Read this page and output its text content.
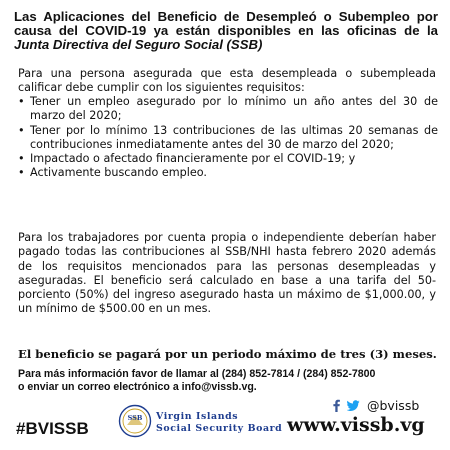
Las Aplicaciones del Beneficio de Desempleó o Subempleo por causa del COVID-19 ya están disponibles en las oficinas de la Junta Directiva del Seguro Social (SSB)

Para una persona asegurada que esta desempleada o subempleada calificar debe cumplir con los siguientes requisitos:

• Tener un empleo asegurado por lo mínimo un año antes del 30 de marzo del 2020;
• Tener por lo mínimo 13 contribuciones de las ultimas 20 semanas de contribuciones inmediatamente antes del 30 de marzo del 2020;
• Impactado o afectado financieramente por el COVID-19; y
• Activamente buscando empleo.

Para los trabajadores por cuenta propia o independiente deberían haber pagado todas las contribuciones al SSB/NHI hasta febrero 2020 además de los requisitos mencionados para las personas desempleadas y aseguradas. El beneficio será calculado en base a una tarifa del 50-porciento (50%) del ingreso asegurado hasta un máximo de $1,000.00, y un mínimo de $500.00 en un mes.

El beneficio se pagará por un periodo máximo de tres (3) meses.

Para más información favor de llamar al (284) 852-7814 / (284) 852-7800
o enviar un correo electrónico a info@vissb.vg.
#BVISSB
SSB Virgin Islands
Social Security Board
@bvissb
www.vissb.vg
